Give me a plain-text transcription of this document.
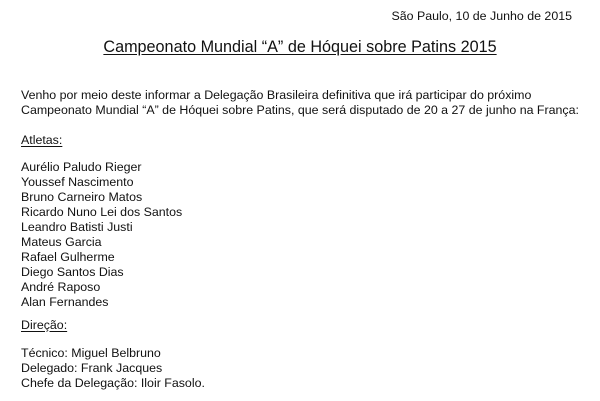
São Paulo, 10 de Junho de 2015
Campeonato Mundial “A” de Hóquei sobre Patins 2015
Venho por meio deste informar a Delegação Brasileira definitiva que irá participar do próximo
Campeonato Mundial “A” de Hóquei sobre Patins, que será disputado de 20 a 27 de junho na França:
Atletas:
Aurélio Paludo Rieger
Youssef Nascimento
Bruno Carneiro Matos
Ricardo Nuno Lei dos Santos
Leandro Batisti Justi
Mateus Garcia
Rafael Gulherme
Diego Santos Dias
André Raposo
Alan Fernandes
Direção:
Técnico: Miguel Belbruno
Delegado: Frank Jacques
Chefe da Delegação: Iloir Fasolo.
